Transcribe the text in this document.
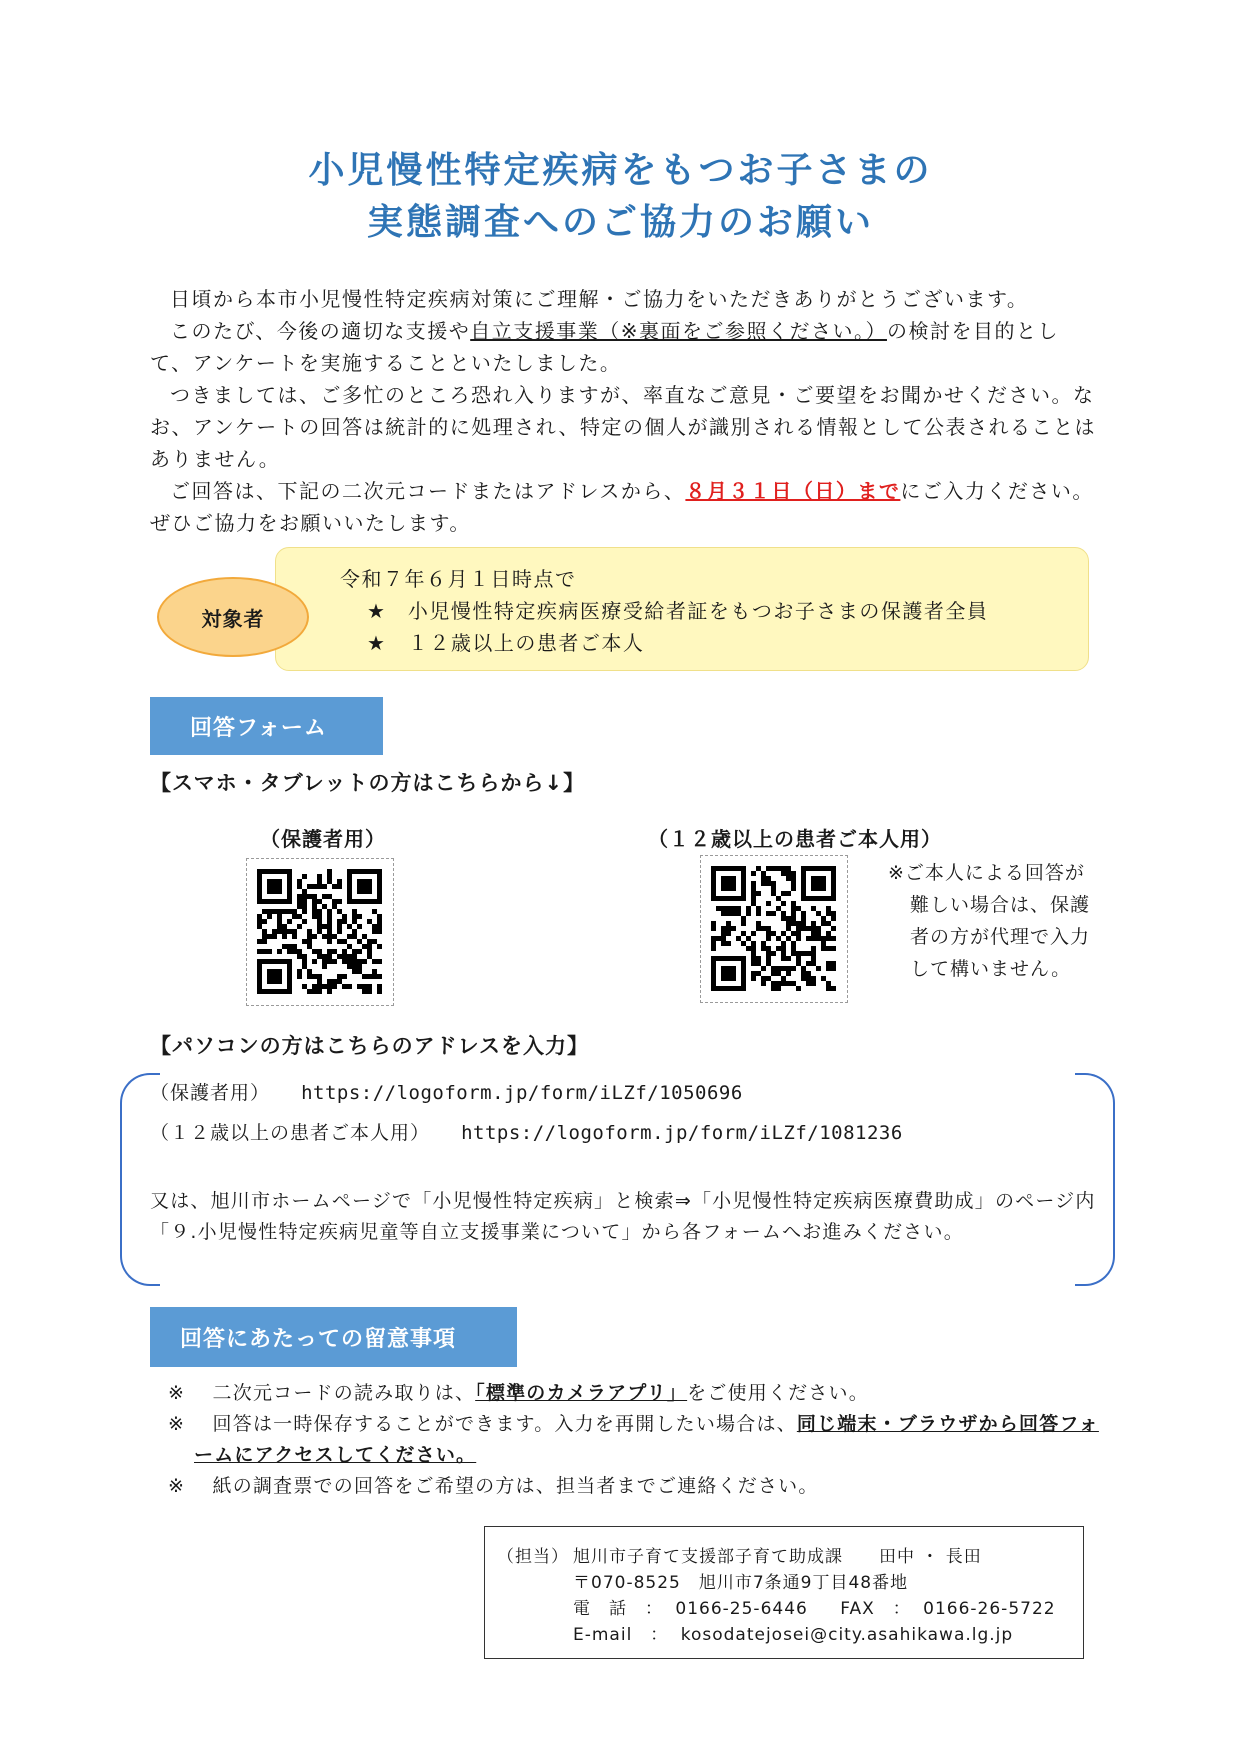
小児慢性特定疾病をもつお子さまの
実態調査へのご協力のお願い

日頃から本市小児慢性特定疾病対策にご理解・ご協力をいただきありがとうございます。

このたび、今後の適切な支援や自立支援事業（※裏面をご参照ください。）の検討を目的として、アンケートを実施することといたしました。

つきましては、ご多忙のところ恐れ入りますが、率直なご意見・ご要望をお聞かせください。なお、アンケートの回答は統計的に処理され、特定の個人が識別される情報として公表されることはありません。

ご回答は、下記の二次元コードまたはアドレスから、８月３１日（日）までにご入力ください。ぜひご協力をお願いいたします。

対象者
令和７年６月１日時点で
★　小児慢性特定疾病医療受給者証をもつお子さまの保護者全員
★　１２歳以上の患者ご本人
回答フォーム
【スマホ・タブレットの方はこちらから↓】
（保護者用）	（１２歳以上の患者ご本人用）
※ご本人による回答が
難しい場合は、保護
者の方が代理で入力
して構いません。
【パソコンの方はこちらのアドレスを入力】
（保護者用） https://logoform.jp/form/iLZf/1050696
（１２歳以上の患者ご本人用） https://logoform.jp/form/iLZf/1081236
又は、旭川市ホームページで「小児慢性特定疾病」と検索⇒「小児慢性特定疾病医療費助成」のページ内「９.小児慢性特定疾病児童等自立支援事業について」から各フォームへお進みください。
回答にあたっての留意事項

※　 二次元コードの読み取りは、「標準のカメラアプリ」をご使用ください。

※　 回答は一時保存することができます。入力を再開したい場合は、同じ端末・ブラウザから回答フォームにアクセスしてください。

※　 紙の調査票での回答をご希望の方は、担当者までご連絡ください。

（担当） 旭川市子育て支援部子育て助成課　　田中 ・ 長田
〒070-8525　旭川市7条通9丁目48番地
電　話　： 0166-25-6446 FAX　： 0166-26-5722
E-mail　： kosodatejosei@city.asahikawa.lg.jp
